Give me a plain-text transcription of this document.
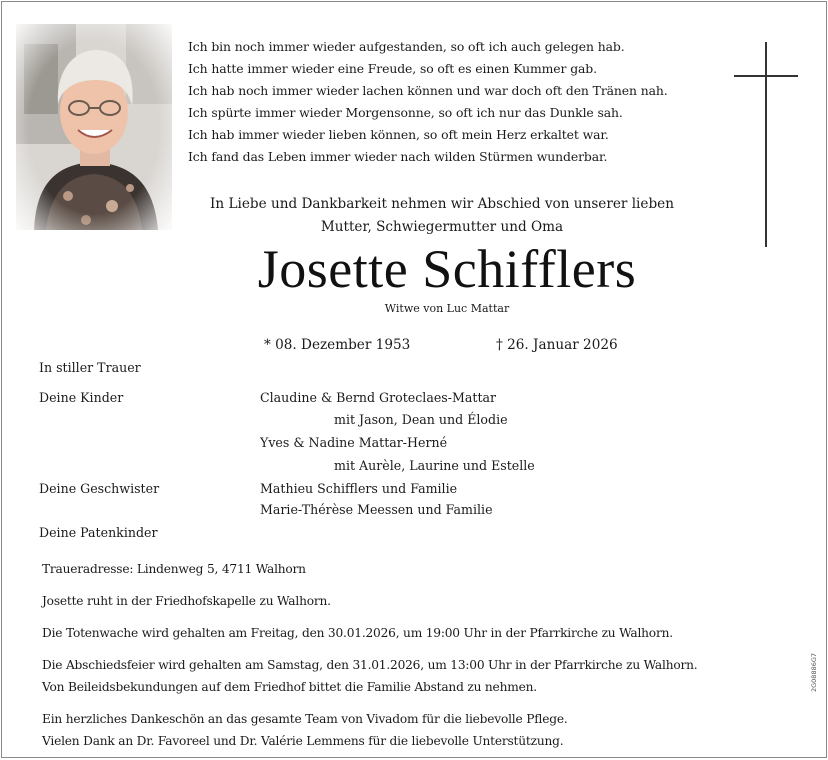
Ich bin noch immer wieder aufgestanden, so oft ich auch gelegen hab.
Ich hatte immer wieder eine Freude, so oft es einen Kummer gab.
Ich hab noch immer wieder lachen können und war doch oft den Tränen nah.
Ich spürte immer wieder Morgensonne, so oft ich nur das Dunkle sah.
Ich hab immer wieder lieben können, so oft mein Herz erkaltet war.
Ich fand das Leben immer wieder nach wilden Stürmen wunderbar.
In Liebe und Dankbarkeit nehmen wir Abschied von unserer lieben
Mutter, Schwiegermutter und Oma
Josette Schifflers
Witwe von Luc Mattar
* 08. Dezember 1953	† 26. Januar 2026
In stiller Trauer
Deine Kinder	Claudine & Bernd Groteclaes-Mattar
mit Jason, Dean und Élodie
Yves & Nadine Mattar-Herné
mit Aurèle, Laurine und Estelle
Deine Geschwister	Mathieu Schifflers und Familie
Marie-Thérèse Meessen und Familie
Deine Patenkinder
Traueradresse: Lindenweg 5, 4711 Walhorn
Josette ruht in der Friedhofskapelle zu Walhorn.
Die Totenwache wird gehalten am Freitag, den 30.01.2026, um 19:00 Uhr in der Pfarrkirche zu Walhorn.
Die Abschiedsfeier wird gehalten am Samstag, den 31.01.2026, um 13:00 Uhr in der Pfarrkirche zu Walhorn.
Von Beileidsbekundungen auf dem Friedhof bittet die Familie Abstand zu nehmen.
Ein herzliches Dankeschön an das gesamte Team von Vivadom für die liebevolle Pflege.
Vielen Dank an Dr. Favoreel und Dr. Valérie Lemmens für die liebevolle Unterstützung.
2G08886G7
